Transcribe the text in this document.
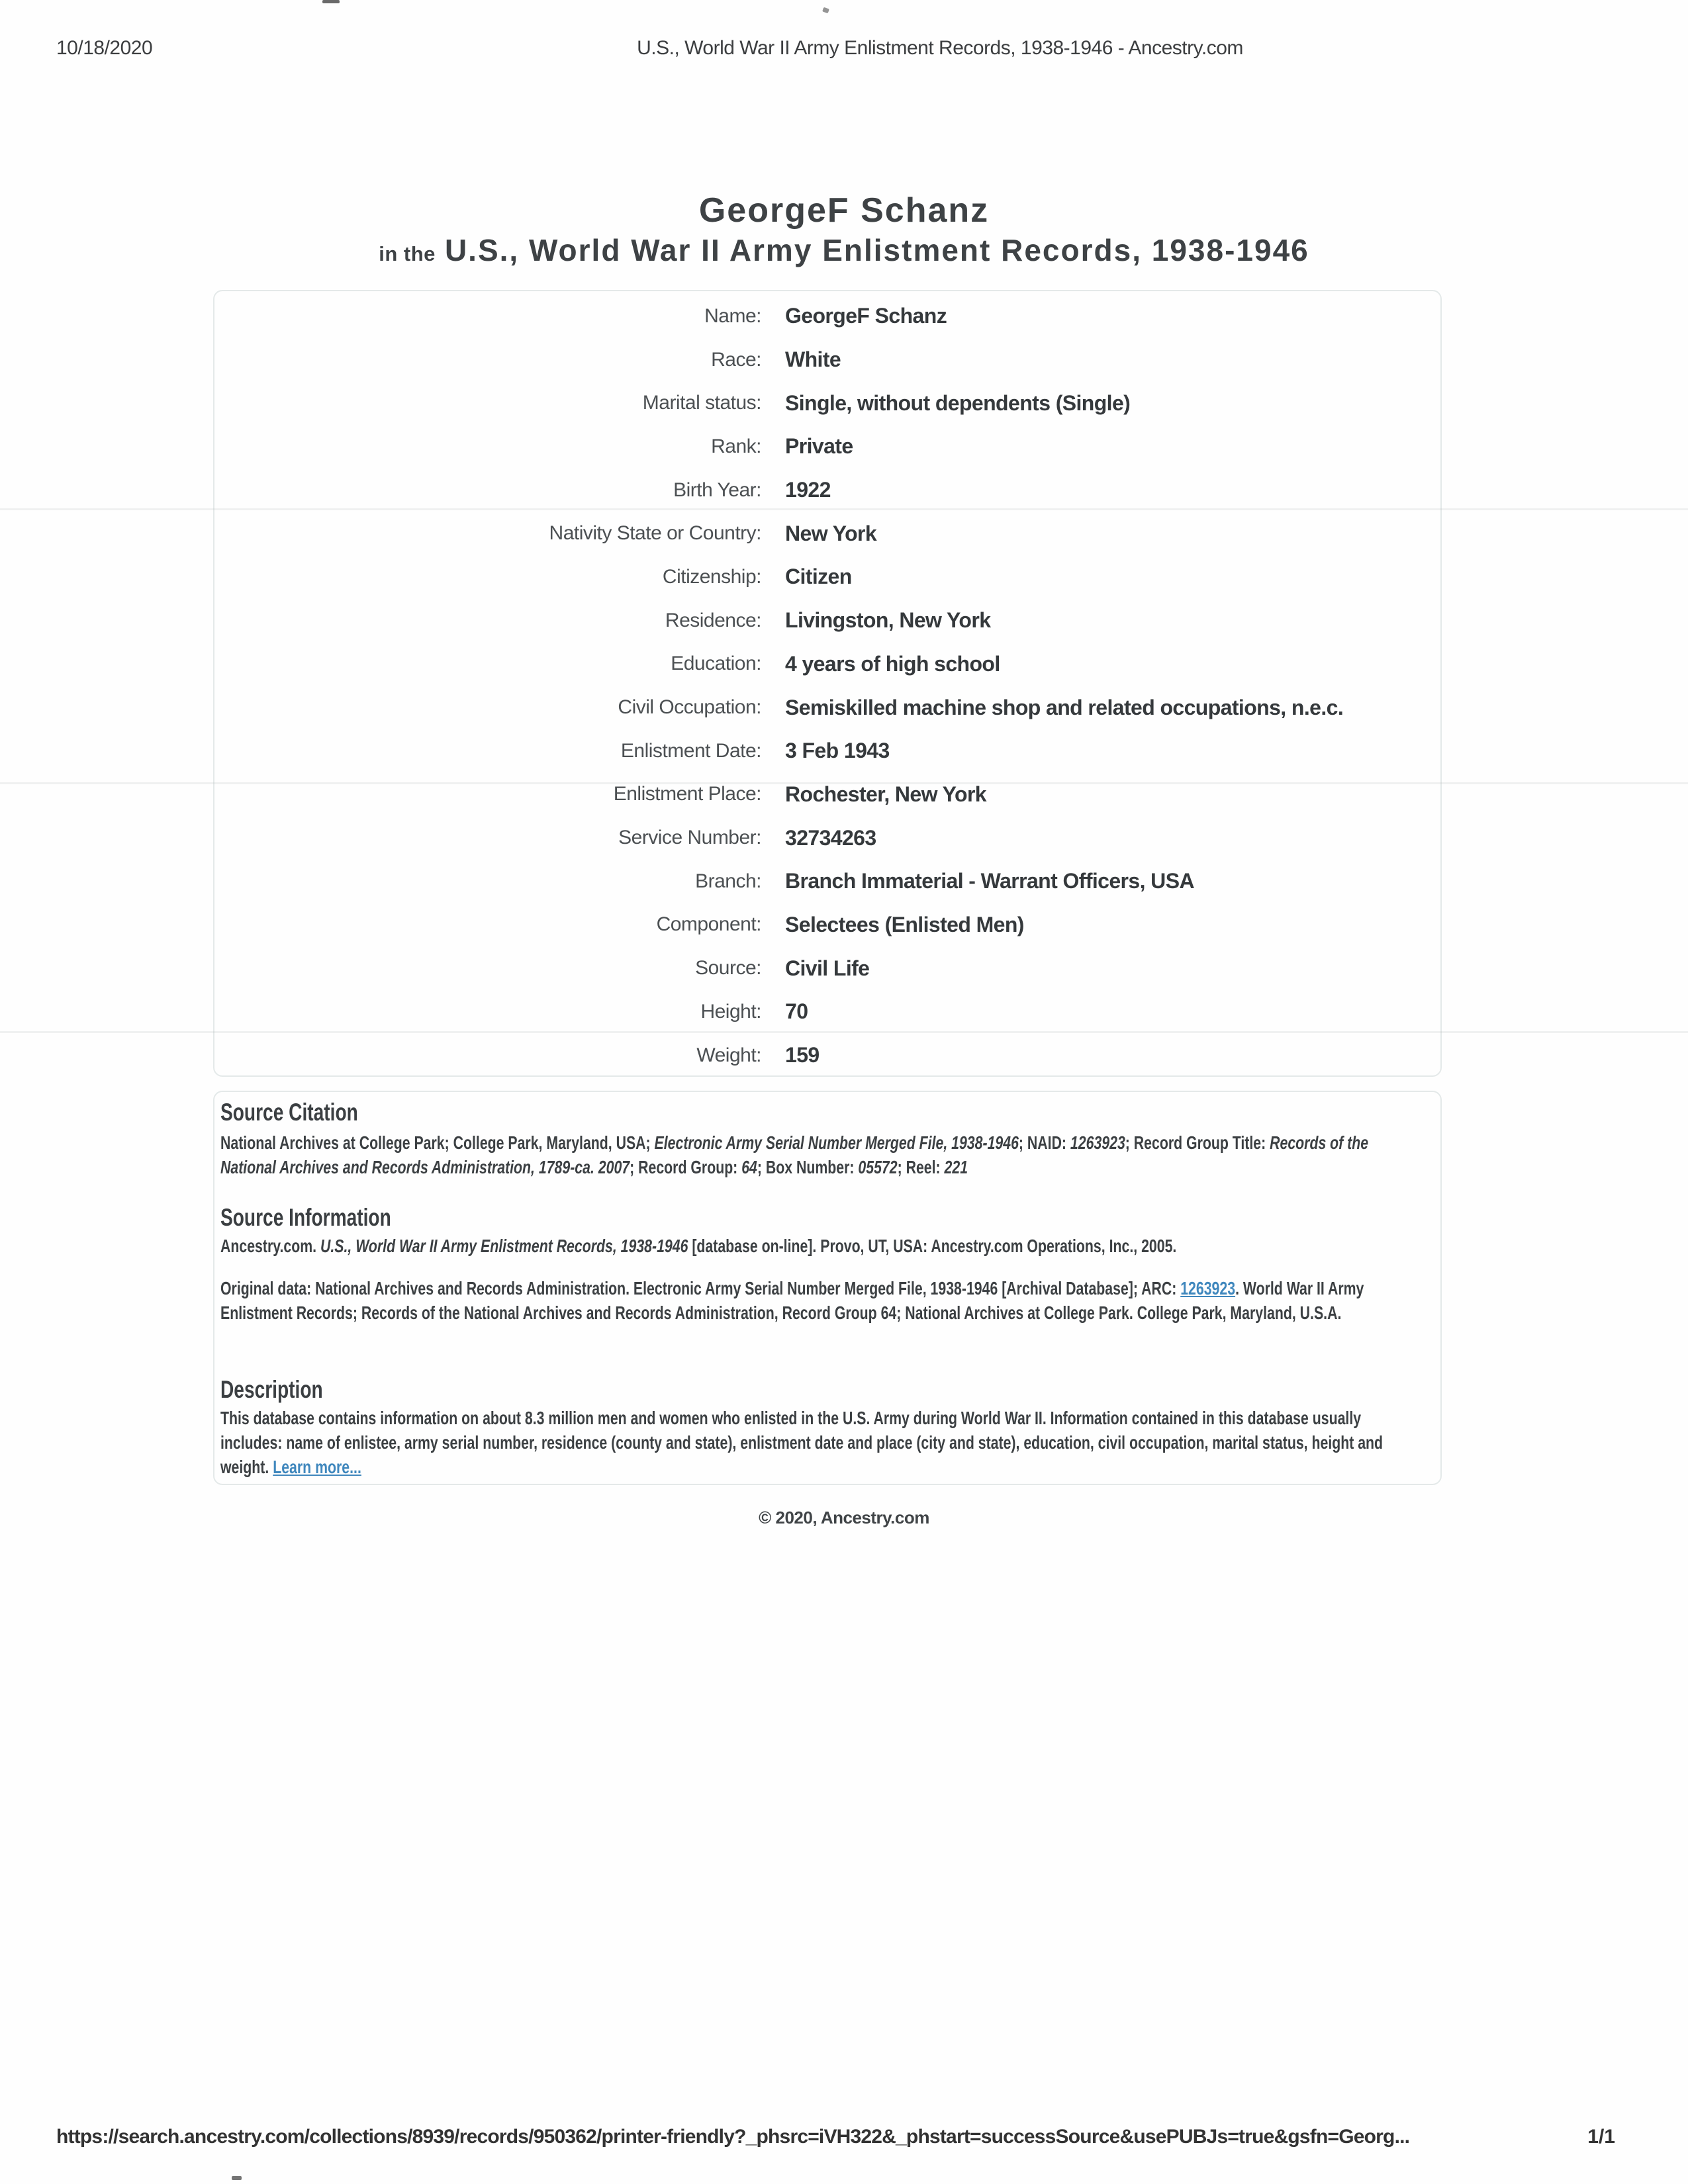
10/18/2020	U.S., World War II Army Enlistment Records, 1938-1946 - Ancestry.com
GeorgeF Schanz
in the U.S., World War II Army Enlistment Records, 1938-1946
Name: GeorgeF Schanz
Race: White
Marital status: Single, without dependents (Single)
Rank: Private
Birth Year: 1922
Nativity State or Country: New York
Citizenship: Citizen
Residence: Livingston, New York
Education: 4 years of high school
Civil Occupation: Semiskilled machine shop and related occupations, n.e.c.
Enlistment Date: 3 Feb 1943
Enlistment Place: Rochester, New York
Service Number: 32734263
Branch: Branch Immaterial - Warrant Officers, USA
Component: Selectees (Enlisted Men)
Source: Civil Life
Height: 70
Weight: 159
Source Citation
National Archives at College Park; College Park, Maryland, USA; Electronic Army Serial Number Merged File, 1938-1946; NAID: 1263923; Record Group Title: Records of the National Archives and Records Administration, 1789-ca. 2007; Record Group: 64; Box Number: 05572; Reel: 221
Source Information
Ancestry.com. U.S., World War II Army Enlistment Records, 1938-1946 [database on-line]. Provo, UT, USA: Ancestry.com Operations, Inc., 2005.
Original data: National Archives and Records Administration. Electronic Army Serial Number Merged File, 1938-1946 [Archival Database]; ARC: 1263923. World War II Army Enlistment Records; Records of the National Archives and Records Administration, Record Group 64; National Archives at College Park. College Park, Maryland, U.S.A.
Description
This database contains information on about 8.3 million men and women who enlisted in the U.S. Army during World War II. Information contained in this database usually includes: name of enlistee, army serial number, residence (county and state), enlistment date and place (city and state), education, civil occupation, marital status, height and weight. Learn more...
© 2020, Ancestry.com
https://search.ancestry.com/collections/8939/records/950362/printer-friendly?_phsrc=iVH322&_phstart=successSource&usePUBJs=true&gsfn=Georg...	1/1
